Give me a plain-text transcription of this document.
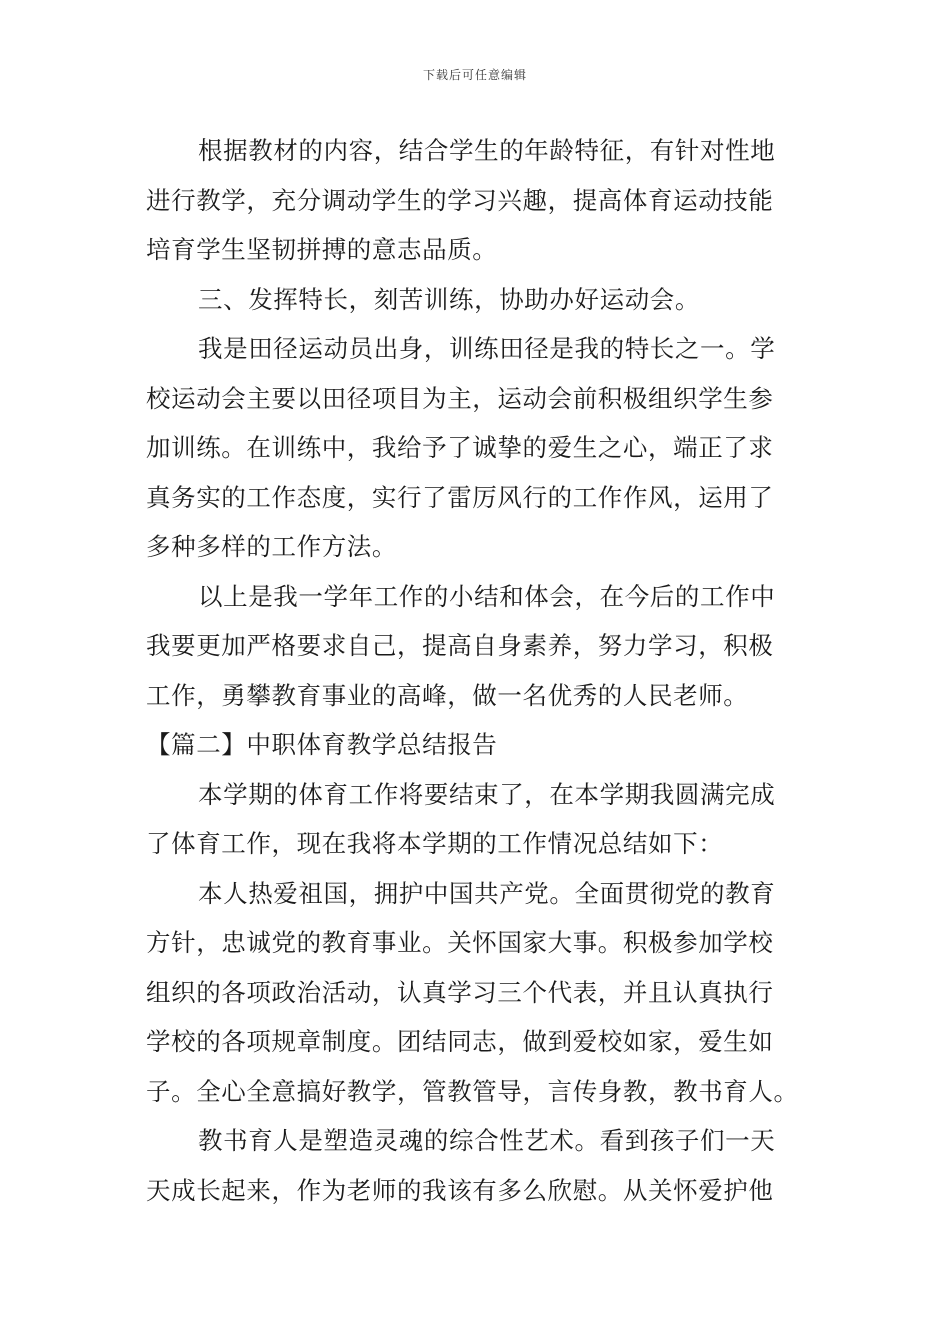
下载后可任意编辑
根据教材的内容，结合学生的年龄特征，有针对性地
进行教学，充分调动学生的学习兴趣，提高体育运动技能
培育学生坚韧拼搏的意志品质。
三、发挥特长，刻苦训练，协助办好运动会。
我是田径运动员出身，训练田径是我的特长之一。学
校运动会主要以田径项目为主，运动会前积极组织学生参
加训练。在训练中，我给予了诚挚的爱生之心，端正了求
真务实的工作态度，实行了雷厉风行的工作作风，运用了
多种多样的工作方法。
以上是我一学年工作的小结和体会，在今后的工作中
我要更加严格要求自己，提高自身素养，努力学习，积极
工作，勇攀教育事业的高峰，做一名优秀的人民老师。
【篇二】中职体育教学总结报告
本学期的体育工作将要结束了，在本学期我圆满完成
了体育工作，现在我将本学期的工作情况总结如下：
本人热爱祖国，拥护中国共产党。全面贯彻党的教育
方针，忠诚党的教育事业。关怀国家大事。积极参加学校
组织的各项政治活动，认真学习三个代表，并且认真执行
学校的各项规章制度。团结同志，做到爱校如家，爱生如
子。全心全意搞好教学，管教管导，言传身教，教书育人。
教书育人是塑造灵魂的综合性艺术。看到孩子们一天
天成长起来，作为老师的我该有多么欣慰。从关怀爱护他
